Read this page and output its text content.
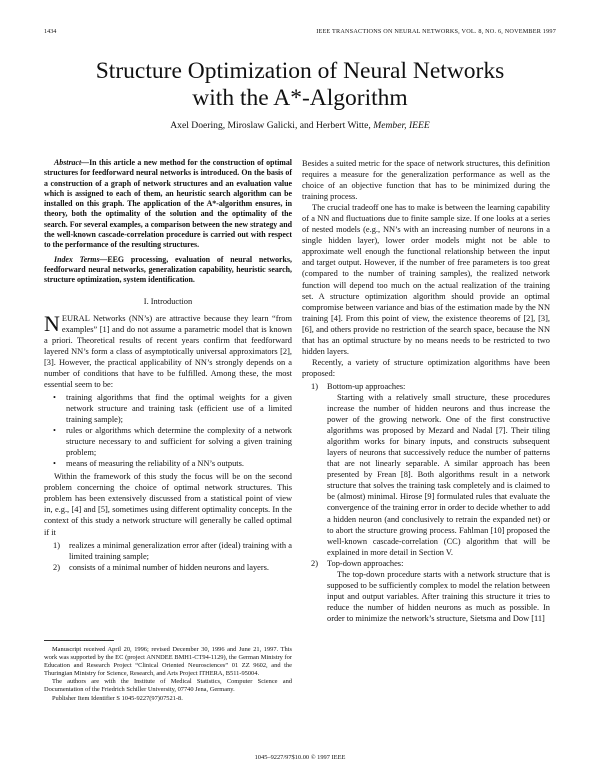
1434	IEEE TRANSACTIONS ON NEURAL NETWORKS, VOL. 8, NO. 6, NOVEMBER 1997
Structure Optimization of Neural Networks
with the A*-Algorithm
Axel Doering, Miroslaw Galicki, and Herbert Witte, Member, IEEE

Abstract—In this article a new method for the construction of optimal structures for feedforward neural networks is introduced. On the basis of a construction of a graph of network structures and an evaluation value which is assigned to each of them, an heuristic search algorithm can be installed on this graph. The application of the A*-algorithm ensures, in theory, both the optimality of the solution and the optimality of the search. For several examples, a comparison between the new strategy and the well-known cascade-correlation procedure is carried out with respect to the performance of the resulting structures.

Index Terms—EEG processing, evaluation of neural networks, feedforward neural networks, generalization capability, heuristic search, structure optimization, system identification.

I. Introduction

NEURAL Networks (NN’s) are attractive because they learn “from examples” [1] and do not assume a parametric model that is known a priori. Theoretical results of recent years confirm that feedforward layered NN’s form a class of asymptotically universal approximators [2], [3]. However, the practical applicability of NN’s strongly depends on a number of conditions that have to be fulfilled. Among these, the most essential seem to be:

• training algorithms that find the optimal weights for a given network structure and training task (efficient use of a limited training sample);
• rules or algorithms which determine the complexity of a network structure necessary to and sufficient for solving a given training problem;
• means of measuring the reliability of a NN’s outputs.

Within the framework of this study the focus will be on the second problem concerning the choice of optimal network structures. This problem has been extensively discussed from a statistical point of view in, e.g., [4] and [5], sometimes using different optimality concepts. In the context of this study a network structure will generally be called optimal if it

1) realizes a minimal generalization error after (ideal) training with a limited training sample;
2) consists of a minimal number of hidden neurons and layers.

Manuscript received April 20, 1996; revised December 30, 1996 and June 21, 1997. This work was supported by the EC (project ANNDEE BMH1-CT94-1129), the German Ministry for Education and Research Project “Clinical Oriented Neurosciences” 01 ZZ 9602, and the Thuringian Ministry for Science, Research, and Arts Project ITHERA, B511-95004.

The authors are with the Institute of Medical Statistics, Computer Science and Documentation of the Friedrich Schiller University, 07740 Jena, Germany.

Publisher Item Identifier S 1045-9227(97)07521-8.

Besides a suited metric for the space of network structures, this definition requires a measure for the generalization performance as well as the choice of an objective function that has to be minimized during the training process.

The crucial tradeoff one has to make is between the learning capability of a NN and fluctuations due to finite sample size. If one looks at a series of nested models (e.g., NN’s with an increasing number of neurons in a single hidden layer), lower order models might not be able to approximate well enough the functional relationship between the input and target output. However, if the number of free parameters is too great (compared to the number of training samples), the realized network function will depend too much on the actual realization of the training set. A structure optimization algorithm should provide an optimal compromise between variance and bias of the estimation made by the NN training [4]. From this point of view, the existence theorems of [2], [3], [6], and others provide no restriction of the search space, because the NN that has an optimal structure by no means needs to be restricted to two hidden layers.

Recently, a variety of structure optimization algorithms have been proposed:

1) Bottom-up approaches:
Starting with a relatively small structure, these procedures increase the number of hidden neurons and thus increase the power of the growing network. One of the first constructive algorithms was proposed by Mezard and Nadal [7]. Their tiling algorithm works for binary inputs, and constructs subsequent layers of neurons that successively reduce the number of patterns that are not linearly separable. A similar approach has been presented by Frean [8]. Both algorithms result in a network structure that solves the training task completely and is claimed to be (almost) minimal. Hirose [9] formulated rules that evaluate the convergence of the training error in order to decide whether to add a hidden neuron (and conclusively to retrain the expanded net) or to abort the structure growing process. Fahlman [10] proposed the well-known cascade-correlation (CC) algorithm that will be explained in more detail in Section V.
2) Top-down approaches:
The top-down procedure starts with a network structure that is supposed to be sufficiently complex to model the relation between input and output variables. After training this structure it tries to reduce the number of hidden neurons as much as possible. In order to minimize the network’s structure, Sietsma and Dow [11]
1045–9227/97$10.00 © 1997 IEEE
